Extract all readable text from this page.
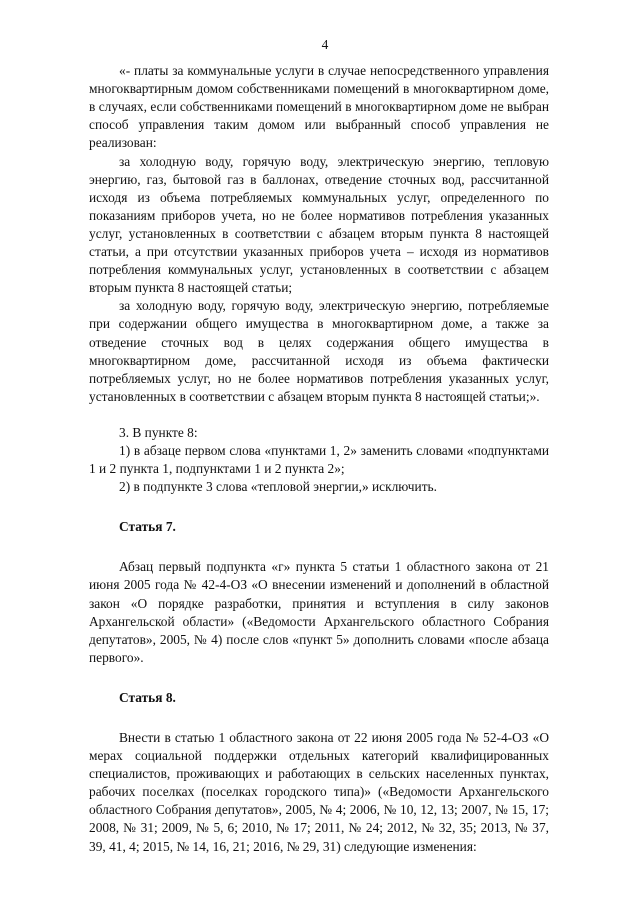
4

«- платы за коммунальные услуги в случае непосредственного управления многоквартирным домом собственниками помещений в многоквартирном доме, в случаях, если собственниками помещений в многоквартирном доме не выбран способ управления таким домом или выбранный способ управления не реализован:

за холодную воду, горячую воду, электрическую энергию, тепловую энергию, газ, бытовой газ в баллонах, отведение сточных вод, рассчитанной исходя из объема потребляемых коммунальных услуг, определенного по показаниям приборов учета, но не более нормативов потребления указанных услуг, установленных в соответствии с абзацем вторым пункта 8 настоящей статьи, а при отсутствии указанных приборов учета – исходя из нормативов потребления коммунальных услуг, установленных в соответствии с абзацем вторым пункта 8 настоящей статьи;

за холодную воду, горячую воду, электрическую энергию, потребляемые при содержании общего имущества в многоквартирном доме, а также за отведение сточных вод в целях содержания общего имущества в многоквартирном доме, рассчитанной исходя из объема фактически потребляемых услуг, но не более нормативов потребления указанных услуг, установленных в соответствии с абзацем вторым пункта 8 настоящей статьи;».

3. В пункте 8:

1) в абзаце первом слова «пунктами 1, 2» заменить словами «подпунктами 1 и 2 пункта 1, подпунктами 1 и 2 пункта 2»;

2) в подпункте 3 слова «тепловой энергии,» исключить.

Статья 7.

Абзац первый подпункта «г» пункта 5 статьи 1 областного закона от 21 июня 2005 года № 42-4-ОЗ «О внесении изменений и дополнений в областной закон «О порядке разработки, принятия и вступления в силу законов Архангельской области» («Ведомости Архангельского областного Собрания депутатов», 2005, № 4) после слов «пункт 5» дополнить словами «после абзаца первого».

Статья 8.

Внести в статью 1 областного закона от 22 июня 2005 года № 52-4-ОЗ «О мерах социальной поддержки отдельных категорий квалифицированных специалистов, проживающих и работающих в сельских населенных пунктах, рабочих поселках (поселках городского типа)» («Ведомости Архангельского областного Собрания депутатов», 2005, № 4; 2006, № 10, 12, 13; 2007, № 15, 17; 2008, № 31; 2009, № 5, 6; 2010, № 17; 2011, № 24; 2012, № 32, 35; 2013, № 37, 39, 41, 4; 2015, № 14, 16, 21; 2016, № 29, 31) следующие изменения:
